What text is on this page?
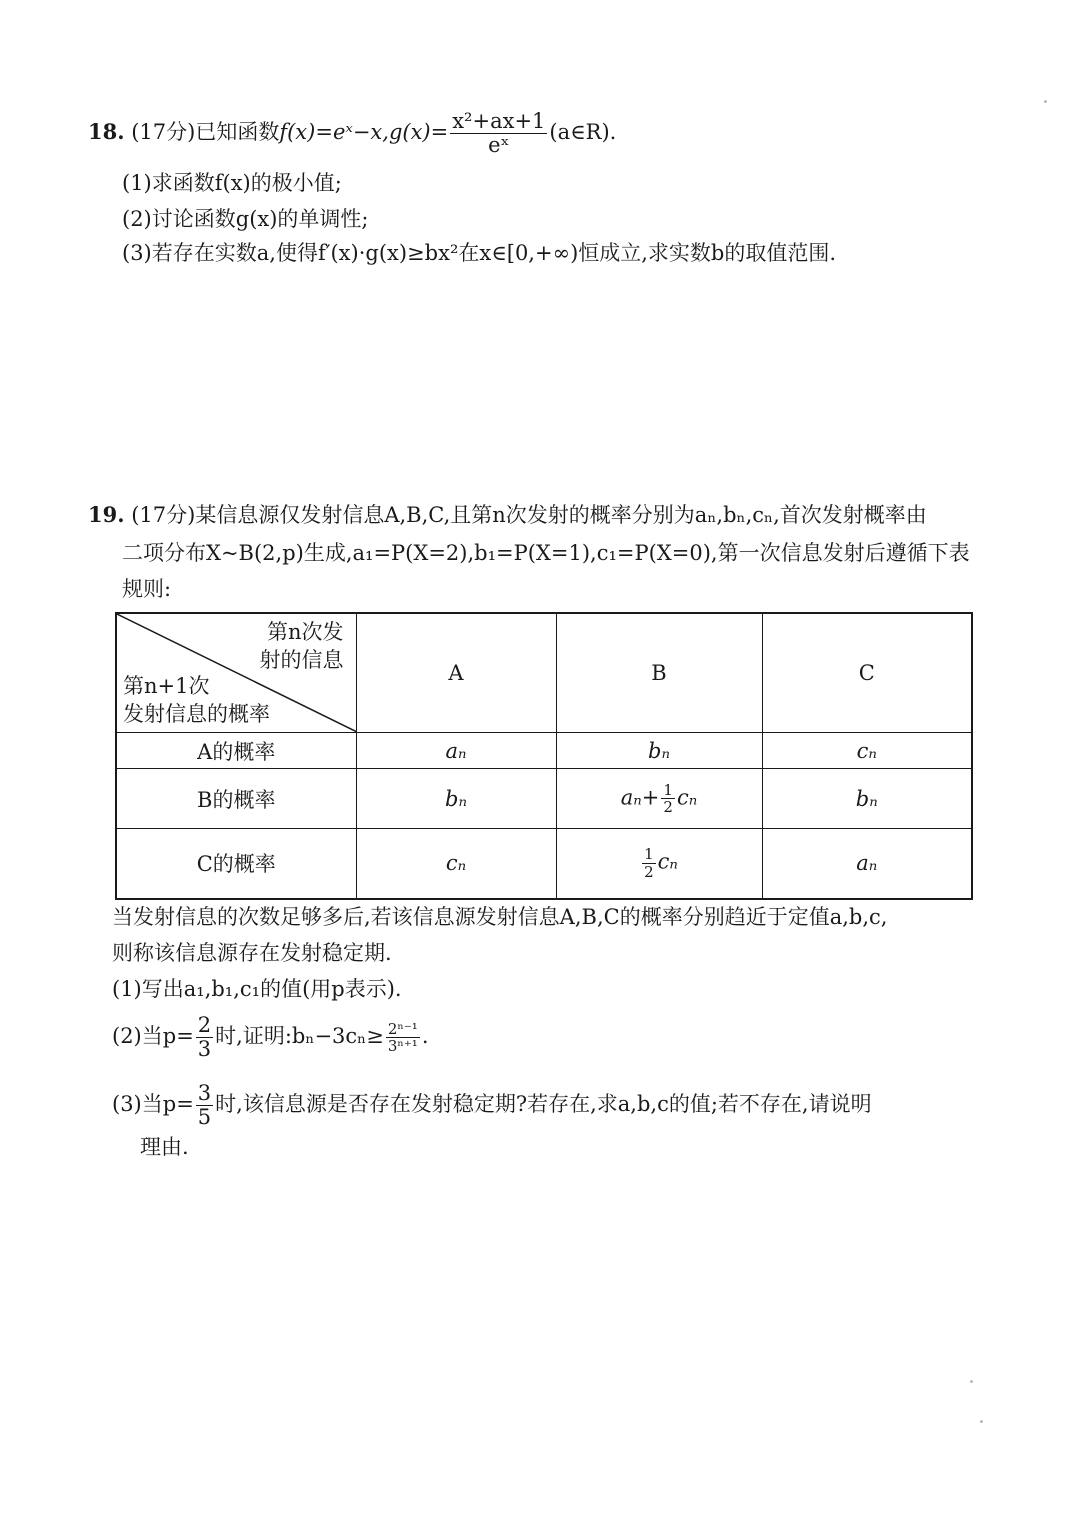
18. (17分)已知函数f(x)=eˣ−x,g(x)= $\frac{\text{x²+ax+1}}{\text{eˣ}}$ (a∈R).
(1)求函数f(x)的极小值;
(2)讨论函数g(x)的单调性;
(3)若存在实数a,使得f′(x)·g(x)≥bx²在x∈[0,+∞)恒成立,求实数b的取值范围.
19. (17分)某信息源仅发射信息A,B,C,且第n次发射的概率分别为aₙ,bₙ,cₙ,首次发射概率由
二项分布X~B(2,p)生成,a₁=P(X=2),b₁=P(X=1),c₁=P(X=0),第一次信息发射后遵循下表
规则:
第n次发
射的信息
第n+1次
发射信息的概率	A	B	C
A的概率	aₙ	bₙ	cₙ
B的概率	bₙ	$a_n+ \frac{1}{2}$ cₙ	bₙ
C的概率	cₙ	$\frac{1}{2}$ cₙ	aₙ
当发射信息的次数足够多后,若该信息源发射信息A,B,C的概率分别趋近于定值a,b,c,
则称该信息源存在发射稳定期.
(1)写出a₁,b₁,c₁的值(用p表示).
(2)当$p= \frac{2}{3}$ 时,证明:bₙ−3cₙ≥ $\frac{\text{2ⁿ⁻¹}}{\text{3ⁿ⁺¹}}$ .
(3)当$p= \frac{3}{5}$ 时,该信息源是否存在发射稳定期?若存在,求a,b,c的值;若不存在,请说明
理由.
